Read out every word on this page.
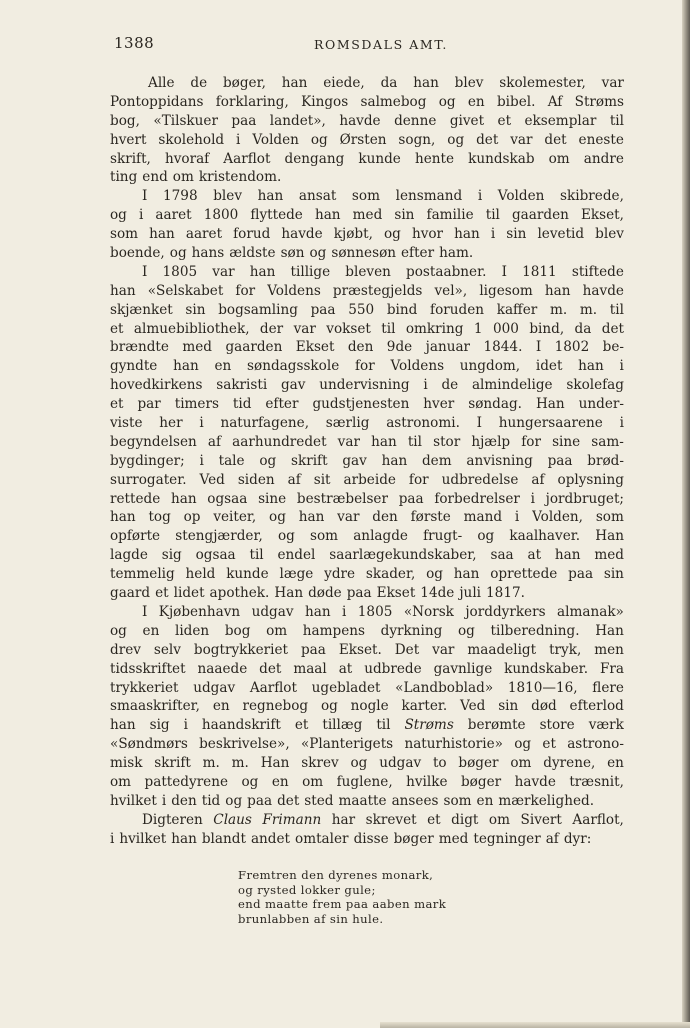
1388	ROMSDALS AMT.
Alle de bøger, han eiede, da han blev skolemester, var
Pontoppidans forklaring, Kingos salmebog og en bibel. Af Strøms
bog, «Tilskuer paa landet», havde denne givet et eksemplar til
hvert skolehold i Volden og Ørsten sogn, og det var det eneste
skrift, hvoraf Aarflot dengang kunde hente kundskab om andre
ting end om kristendom.
I 1798 blev han ansat som lensmand i Volden skibrede,
og i aaret 1800 flyttede han med sin familie til gaarden Ekset,
som han aaret forud havde kjøbt, og hvor han i sin levetid blev
boende, og hans ældste søn og sønnesøn efter ham.
I 1805 var han tillige bleven postaabner. I 1811 stiftede
han «Selskabet for Voldens præstegjelds vel», ligesom han havde
skjænket sin bogsamling paa 550 bind foruden kaffer m. m. til
et almuebibliothek, der var vokset til omkring 1 000 bind, da det
brændte med gaarden Ekset den 9de januar 1844. I 1802 be-
gyndte han en søndagsskole for Voldens ungdom, idet han i
hovedkirkens sakristi gav undervisning i de almindelige skolefag
et par timers tid efter gudstjenesten hver søndag. Han under-
viste her i naturfagene, særlig astronomi. I hungersaarene i
begyndelsen af aarhundredet var han til stor hjælp for sine sam-
bygdinger; i tale og skrift gav han dem anvisning paa brød-
surrogater. Ved siden af sit arbeide for udbredelse af oplysning
rettede han ogsaa sine bestræbelser paa forbedrelser i jordbruget;
han tog op veiter, og han var den første mand i Volden, som
opførte stengjærder, og som anlagde frugt- og kaalhaver. Han
lagde sig ogsaa til endel saarlægekundskaber, saa at han med
temmelig held kunde læge ydre skader, og han oprettede paa sin
gaard et lidet apothek. Han døde paa Ekset 14de juli 1817.
I Kjøbenhavn udgav han i 1805 «Norsk jorddyrkers almanak»
og en liden bog om hampens dyrkning og tilberedning. Han
drev selv bogtrykkeriet paa Ekset. Det var maadeligt tryk, men
tidsskriftet naaede det maal at udbrede gavnlige kundskaber. Fra
trykkeriet udgav Aarflot ugebladet «Landboblad» 1810—16, flere
smaaskrifter, en regnebog og nogle karter. Ved sin død efterlod
han sig i haandskrift et tillæg til Strøms berømte store værk
«Søndmørs beskrivelse», «Planterigets naturhistorie» og et astrono-
misk skrift m. m. Han skrev og udgav to bøger om dyrene, en
om pattedyrene og en om fuglene, hvilke bøger havde træsnit,
hvilket i den tid og paa det sted maatte ansees som en mærkelighed.
Digteren Claus Frimann har skrevet et digt om Sivert Aarflot,
i hvilket han blandt andet omtaler disse bøger med tegninger af dyr:
Fremtren den dyrenes monark,
og rysted lokker gule;
end maatte frem paa aaben mark
brunlabben af sin hule.
